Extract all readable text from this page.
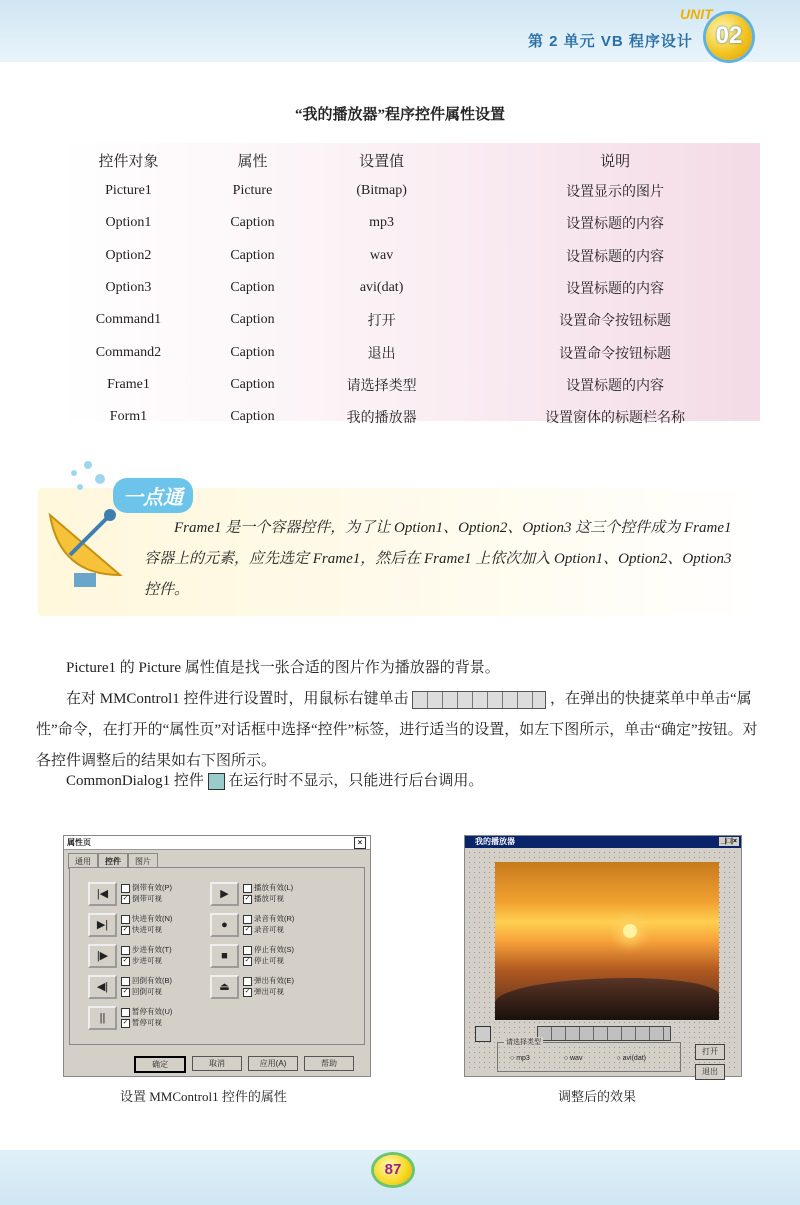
第 2 单元 VB 程序设计
UNIT
02
“我的播放器”程序控件属性设置
控件对象	属性	设置值	说明
Picture1	Picture	(Bitmap)	设置显示的图片
Option1	Caption	mp3	设置标题的内容
Option2	Caption	wav	设置标题的内容
Option3	Caption	avi(dat)	设置标题的内容
Command1	Caption	打开	设置命令按钮标题
Command2	Caption	退出	设置命令按钮标题
Frame1	Caption	请选择类型	设置标题的内容
Form1	Caption	我的播放器	设置窗体的标题栏名称
一点通
Frame1 是一个容器控件，为了让 Option1、Option2、Option3 这三个控件成为 Frame1 容器上的元素，应先选定 Frame1，然后在 Frame1 上依次加入 Option1、Option2、Option3 控件。
Picture1 的 Picture 属性值是找一张合适的图片作为播放器的背景。
在对 MMControl1 控件进行设置时，用鼠标右键单击	，在弹出的快捷菜单中单击“属性”命令，在打开的“属性页”对话框中选择“控件”标签，进行适当的设置，如左下图所示，单击“确定”按钮。对各控件调整后的结果如右下图所示。
CommonDialog1 控件 在运行时不显示，只能进行后台调用。
属性页	×
通用	控件	图片
|◀
倒带有效(P)
✓ 倒带可视
▶|
快进有效(N)
✓ 快进可视
|▶
步进有效(T)
✓ 步进可视
◀|
回倒有效(B)
✓ 回倒可视
||
暂停有效(U)
✓ 暂停可视
▶
播放有效(L)
✓ 播放可视
●
录音有效(R)
✓ 录音可视
■
停止有效(S)
✓ 停止可视
⏏
弹出有效(E)
✓ 弹出可视
确定	取消	应用(A)	帮助
我的播放器	_|□|×
请选择类型
○ mp3	○ wav	○ avi(dat)
打开
退出
设置 MMControl1 控件的属性	调整后的效果
87
